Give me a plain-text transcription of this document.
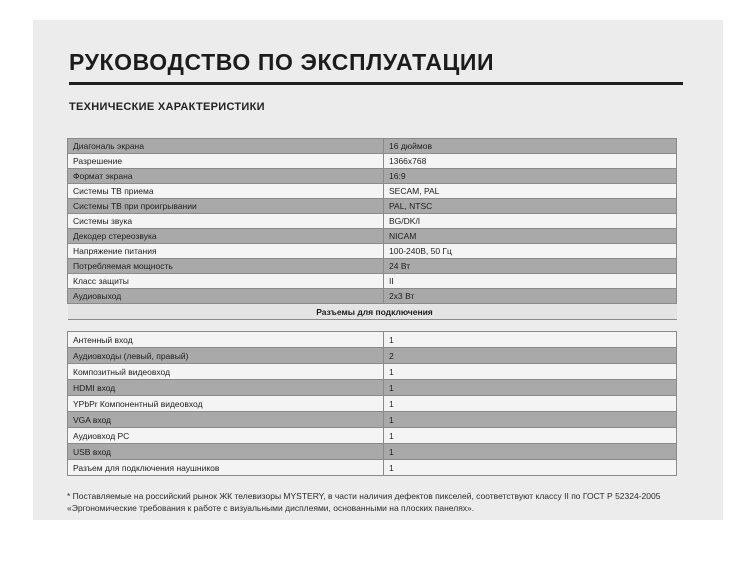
РУКОВОДСТВО ПО ЭКСПЛУАТАЦИИ
ТЕХНИЧЕСКИЕ ХАРАКТЕРИСТИКИ
Диагональ экрана	16 дюймов
Разрешение	1366x768
Формат экрана	16:9
Системы ТВ приема	SECAM, PAL
Системы ТВ при проигрывании	PAL, NTSC
Системы звука	BG/DK/I
Декодер стереозвука	NICAM
Напряжение питания	100-240В, 50 Гц
Потребляемая мощность	24 Вт
Класс защиты	II
Аудиовыход	2x3 Вт
Разъемы для подключения	
Антенный вход	1
Аудиовходы (левый, правый)	2
Композитный видеовход	1
HDMI вход	1
YPbPr Компонентный видеовход	1
VGA вход	1
Аудиовход PC	1
USB вход	1
Разъем для подключения наушников	1
* Поставляемые на российский рынок ЖК телевизоры MYSTERY, в части наличия дефектов пикселей, соответствуют классу II по ГОСТ Р 52324-2005 «Эргономические требования к работе с визуальными дисплеями, основанными на плоских панелях».
